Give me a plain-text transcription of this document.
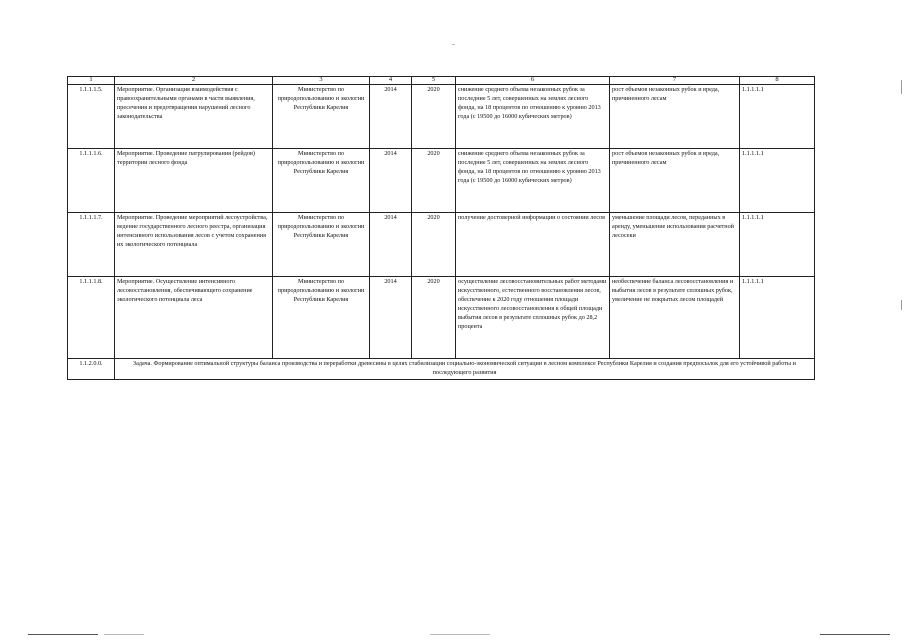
1	2	3	4	5	6	7	8
1.1.1.1.5.	Мероприятие. Организация взаимодействия с правоохранительными органами в части выявления, пресечения и предотвращения нарушений лесного законодательства	Министерство по природопользованию и экологии Республики Карелия	2014	2020	снижение среднего объема незаконных рубок за последние 5 лет, совершенных на землях лесного фонда, на 18 процентов по отношению к уровню 2013 года (с 19500 до 16000 кубических метров)	рост объемов незаконных рубок и вреда, причиненного лесам	1.1.1.1.1
1.1.1.1.6.	Мероприятие. Проведение патрулирования (рейдов) территории лесного фонда	Министерство по природопользованию и экологии Республики Карелия	2014	2020	снижение среднего объема незаконных рубок за последние 5 лет, совершенных на землях лесного фонда, на 18 процентов по отношению к уровню 2013 года (с 19500 до 16000 кубических метров)	рост объемов незаконных рубок и вреда, причиненного лесам	1.1.1.1.1
1.1.1.1.7.	Мероприятие. Проведение мероприятий лесоустройства, ведение государственного лесного реестра, организация интенсивного использования лесов с учетом сохранения их экологического потенциала	Министерство по природопользованию и экологии Республики Карелия	2014	2020	получение достоверной информации о состоянии лесов	уменьшение площади лесов, переданных в аренду, уменьшение использования расчетной лесосеки	1.1.1.1.1
1.1.1.1.8.	Мероприятие. Осуществление интенсивного лесовосстановления, обеспечивающего сохранение экологического потенциала леса	Министерство по природопользованию и экологии Республики Карелия	2014	2020	осуществление лесовосстановительных работ методами искусственного, естественного восстановления лесов, обеспечение к 2020 году отношения площади искусственного лесовосстановления к общей площади выбытия лесов в результате сплошных рубок до 28,2 процента	необеспечение баланса лесовосстановления и выбытия лесов в результате сплошных рубок, увеличение не покрытых лесом площадей	1.1.1.1.1
1.1.2.0.0.	Задача. Формирование оптимальной структуры баланса производства и переработки древесины в целях стабилизации социально-экономической ситуации в лесном комплексе Республики Карелия и создания предпосылок для его устойчивой работы и последующего развития						
